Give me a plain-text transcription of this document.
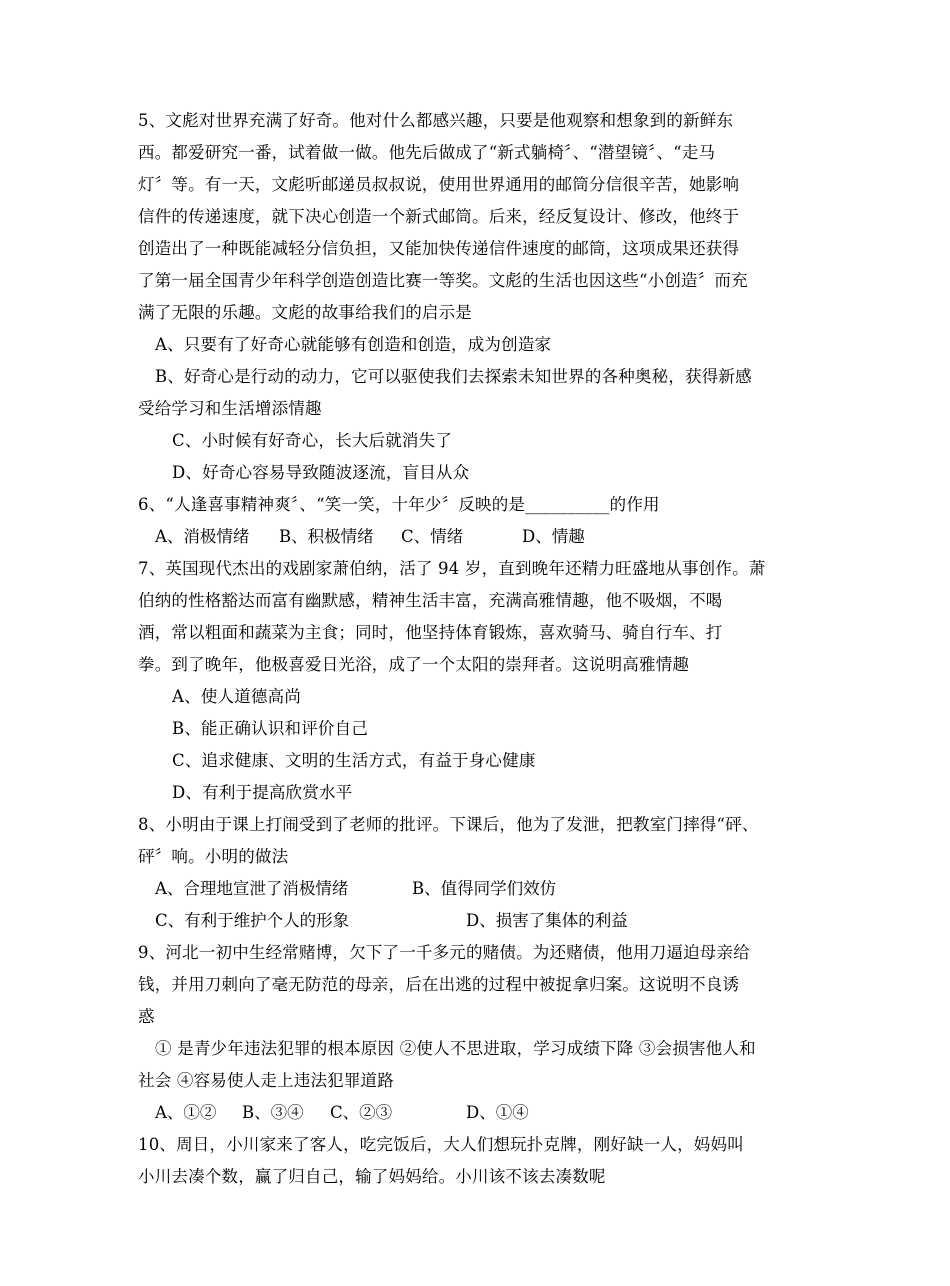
5、文彪对世界充满了好奇。他对什么都感兴趣，只要是他观察和想象到的新鲜东
西。都爱研究一番，试着做一做。他先后做成了“新式躺椅〞、“潜望镜〞、“走马
灯〞等。有一天，文彪听邮递员叔叔说，使用世界通用的邮筒分信很辛苦，她影响
信件的传递速度，就下决心创造一个新式邮筒。后来，经反复设计、修改，他终于
创造出了一种既能减轻分信负担，又能加快传递信件速度的邮筒，这项成果还获得
了第一届全国青少年科学创造创造比赛一等奖。文彪的生活也因这些“小创造〞而充
满了无限的乐趣。文彪的故事给我们的启示是
A、只要有了好奇心就能够有创造和创造，成为创造家
B、好奇心是行动的动力，它可以驱使我们去探索未知世界的各种奥秘，获得新感
受给学习和生活增添情趣
C、小时候有好奇心，长大后就消失了
D、好奇心容易导致随波逐流，盲目从众
6、“人逢喜事精神爽〞、“笑一笑，十年少〞反映的是__________的作用
A、消极情绪 B、积极情绪 C、情绪	D、情趣
7、英国现代杰出的戏剧家萧伯纳，活了 94 岁，直到晚年还精力旺盛地从事创作。萧
伯纳的性格豁达而富有幽默感，精神生活丰富，充满高雅情趣，他不吸烟，不喝
酒，常以粗面和蔬菜为主食；同时，他坚持体育锻炼，喜欢骑马、骑自行车、打
拳。到了晚年，他极喜爱日光浴，成了一个太阳的崇拜者。这说明高雅情趣
A、使人道德高尚
B、能正确认识和评价自己
C、追求健康、文明的生活方式，有益于身心健康
D、有利于提高欣赏水平
8、小明由于课上打闹受到了老师的批评。下课后，他为了发泄，把教室门摔得“砰、
砰〞响。小明的做法
A、合理地宣泄了消极情绪	B、值得同学们效仿
C、有利于维护个人的形象	D、损害了集体的利益
9、河北一初中生经常赌博，欠下了一千多元的赌债。为还赌债，他用刀逼迫母亲给
钱，并用刀刺向了毫无防范的母亲，后在出逃的过程中被捉拿归案。这说明不良诱
惑
① 是青少年违法犯罪的根本原因 ②使人不思进取，学习成绩下降 ③会损害他人和
社会 ④容易使人走上违法犯罪道路
A、①② B、③④ C、②③	D、①④
10、周日，小川家来了客人，吃完饭后，大人们想玩扑克牌，刚好缺一人，妈妈叫
小川去凑个数，赢了归自己，输了妈妈给。小川该不该去凑数呢
